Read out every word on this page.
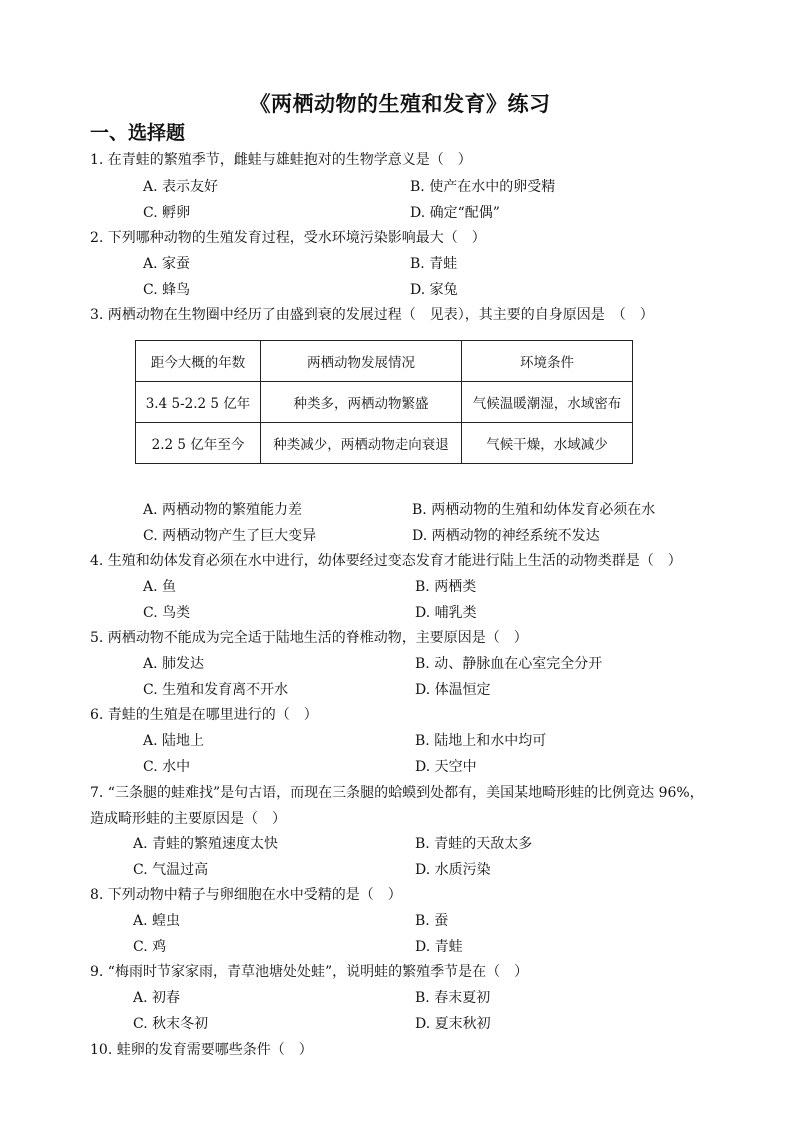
《两栖动物的生殖和发育》练习
一、选择题
1. 在青蛙的繁殖季节，雌蛙与雄蛙抱对的生物学意义是（　）
A. 表示友好	B. 使产在水中的卵受精
C. 孵卵	D. 确定“配偶”
2. 下列哪种动物的生殖发育过程，受水环境污染影响最大（　）
A. 家蚕	B. 青蛙
C. 蜂鸟	D. 家兔
3. 两栖动物在生物圈中经历了由盛到衰的发展过程（　见表），其主要的自身原因是　（　）
距今大概的年数	两栖动物发展情况	环境条件
3.4 5-2.2 5 亿年	种类多，两栖动物繁盛	气候温暖潮湿，水域密布
2.2 5 亿年至今	种类减少，两栖动物走向衰退	气候干燥，水域减少
A. 两栖动物的繁殖能力差	B. 两栖动物的生殖和幼体发育必须在水
C. 两栖动物产生了巨大变异	D. 两栖动物的神经系统不发达
4. 生殖和幼体发育必须在水中进行，幼体要经过变态发育才能进行陆上生活的动物类群是（　）
A. 鱼	B. 两栖类
C. 鸟类	D. 哺乳类
5. 两栖动物不能成为完全适于陆地生活的脊椎动物，主要原因是（　）
A. 肺发达	B. 动、静脉血在心室完全分开
C. 生殖和发育离不开水	D. 体温恒定
6. 青蛙的生殖是在哪里进行的（　）
A. 陆地上	B. 陆地上和水中均可
C. 水中	D. 天空中
7. “三条腿的蛙难找”是句古语，而现在三条腿的蛤蟆到处都有，美国某地畸形蛙的比例竟达 96%，造成畸形蛙的主要原因是（　）
A. 青蛙的繁殖速度太快	B. 青蛙的天敌太多
C. 气温过高	D. 水质污染
8. 下列动物中精子与卵细胞在水中受精的是（　）
A. 蝗虫	B. 蚕
C. 鸡	D. 青蛙
9. “梅雨时节家家雨，青草池塘处处蛙”，说明蛙的繁殖季节是在（　）
A. 初春	B. 春末夏初
C. 秋末冬初	D. 夏末秋初
10. 蛙卵的发育需要哪些条件（　）
